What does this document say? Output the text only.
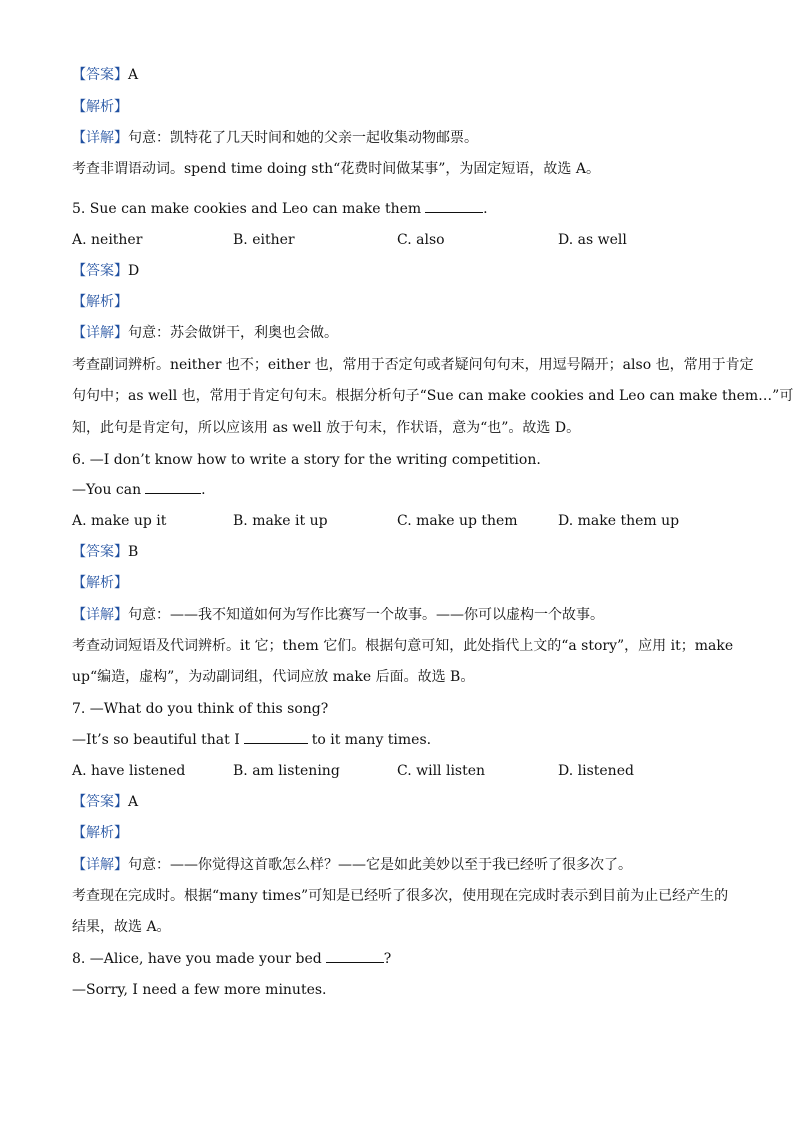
【答案】A
【解析】
【详解】句意：凯特花了几天时间和她的父亲一起收集动物邮票。
考查非谓语动词。spend time doing sth“花费时间做某事”，为固定短语，故选 A。
5. Sue can make cookies and Leo can make them	.
A. neither	B. either	C. also	D. as well
【答案】D
【解析】
【详解】句意：苏会做饼干，利奥也会做。
考查副词辨析。neither 也不；either 也，常用于否定句或者疑问句句末，用逗号隔开；also 也，常用于肯定
句句中；as well 也，常用于肯定句句末。根据分析句子“Sue can make cookies and Leo can make them…”可
知，此句是肯定句，所以应该用 as well 放于句末，作状语，意为“也”。故选 D。
6. —I don’t know how to write a story for the writing competition.
—You can	.
A. make up it	B. make it up	C. make up them	D. make them up
【答案】B
【解析】
【详解】句意：——我不知道如何为写作比赛写一个故事。——你可以虚构一个故事。
考查动词短语及代词辨析。it 它；them 它们。根据句意可知，此处指代上文的“a story”，应用 it；make
up“编造，虚构”，为动副词组，代词应放 make 后面。故选 B。
7. —What do you think of this song?
—It’s so beautiful that I	to it many times.
A. have listened	B. am listening	C. will listen	D. listened
【答案】A
【解析】
【详解】句意：——你觉得这首歌怎么样？——它是如此美妙以至于我已经听了很多次了。
考查现在完成时。根据“many times”可知是已经听了很多次，使用现在完成时表示到目前为止已经产生的
结果，故选 A。
8. —Alice, have you made your bed	?
—Sorry, I need a few more minutes.
